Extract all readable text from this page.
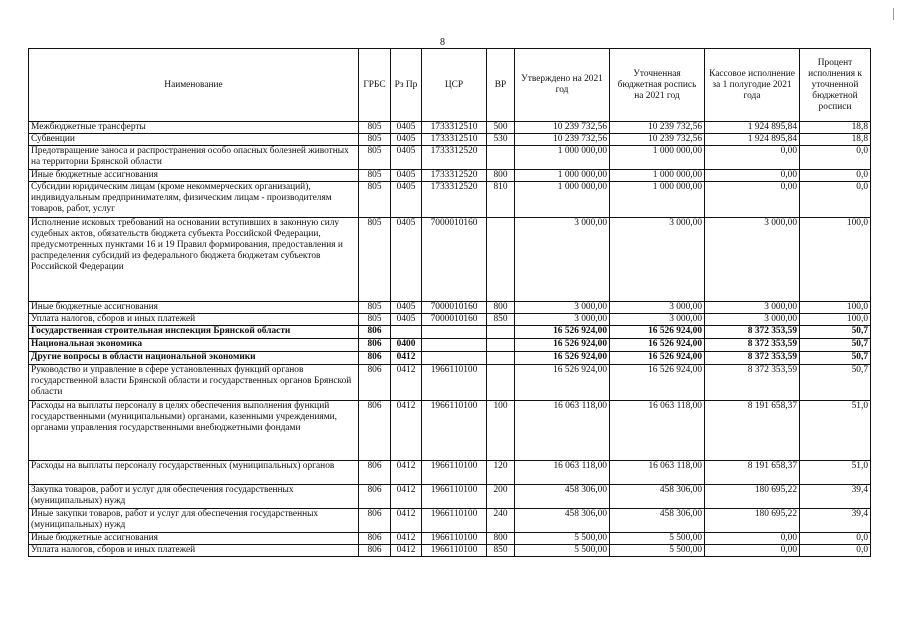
8
Наименование	ГРБС	Рз Пр	ЦСР	ВР	Утверждено на 2021 год	Уточненная бюджетная роспись на 2021 год	Кассовое исполнение за 1 полугодие 2021 года	Процент исполнения к уточненной бюджетной росписи
Межбюджетные трансферты	805	0405	1733312510	500	10 239 732,56	10 239 732,56	1 924 895,84	18,8
Субвенции	805	0405	1733312510	530	10 239 732,56	10 239 732,56	1 924 895,84	18,8
Предотвращение заноса и распространения особо опасных болезней животных на территории Брянской области	805	0405	1733312520		1 000 000,00	1 000 000,00	0,00	0,0
Иные бюджетные ассигнования	805	0405	1733312520	800	1 000 000,00	1 000 000,00	0,00	0,0
Субсидии юридическим лицам (кроме некоммерческих организаций), индивидуальным предпринимателям, физическим лицам - производителям товаров, работ, услуг	805	0405	1733312520	810	1 000 000,00	1 000 000,00	0,00	0,0
Исполнение исковых требований на основании вступивших в законную силу судебных актов, обязательств бюджета субъекта Российской Федерации, предусмотренных пунктами 16 и 19 Правил формирования, предоставления и распределения субсидий из федерального бюджета бюджетам субъектов Российской Федерации	805	0405	7000010160		3 000,00	3 000,00	3 000,00	100,0
Иные бюджетные ассигнования	805	0405	7000010160	800	3 000,00	3 000,00	3 000,00	100,0
Уплата налогов, сборов и иных платежей	805	0405	7000010160	850	3 000,00	3 000,00	3 000,00	100,0
Государственная строительная инспекция Брянской области	806				16 526 924,00	16 526 924,00	8 372 353,59	50,7
Национальная экономика	806	0400			16 526 924,00	16 526 924,00	8 372 353,59	50,7
Другие вопросы в области национальной экономики	806	0412			16 526 924,00	16 526 924,00	8 372 353,59	50,7
Руководство и управление в сфере установленных функций органов государственной власти Брянской области и государственных органов Брянской области	806	0412	1966110100		16 526 924,00	16 526 924,00	8 372 353,59	50,7
Расходы на выплаты персоналу в целях обеспечения выполнения функций государственными (муниципальными) органами, казенными учреждениями, органами управления государственными внебюджетными фондами	806	0412	1966110100	100	16 063 118,00	16 063 118,00	8 191 658,37	51,0
Расходы на выплаты персоналу государственных (муниципальных) органов	806	0412	1966110100	120	16 063 118,00	16 063 118,00	8 191 658,37	51,0
Закупка товаров, работ и услуг для обеспечения государственных (муниципальных) нужд	806	0412	1966110100	200	458 306,00	458 306,00	180 695,22	39,4
Иные закупки товаров, работ и услуг для обеспечения государственных (муниципальных) нужд	806	0412	1966110100	240	458 306,00	458 306,00	180 695,22	39,4
Иные бюджетные ассигнования	806	0412	1966110100	800	5 500,00	5 500,00	0,00	0,0
Уплата налогов, сборов и иных платежей	806	0412	1966110100	850	5 500,00	5 500,00	0,00	0,0
